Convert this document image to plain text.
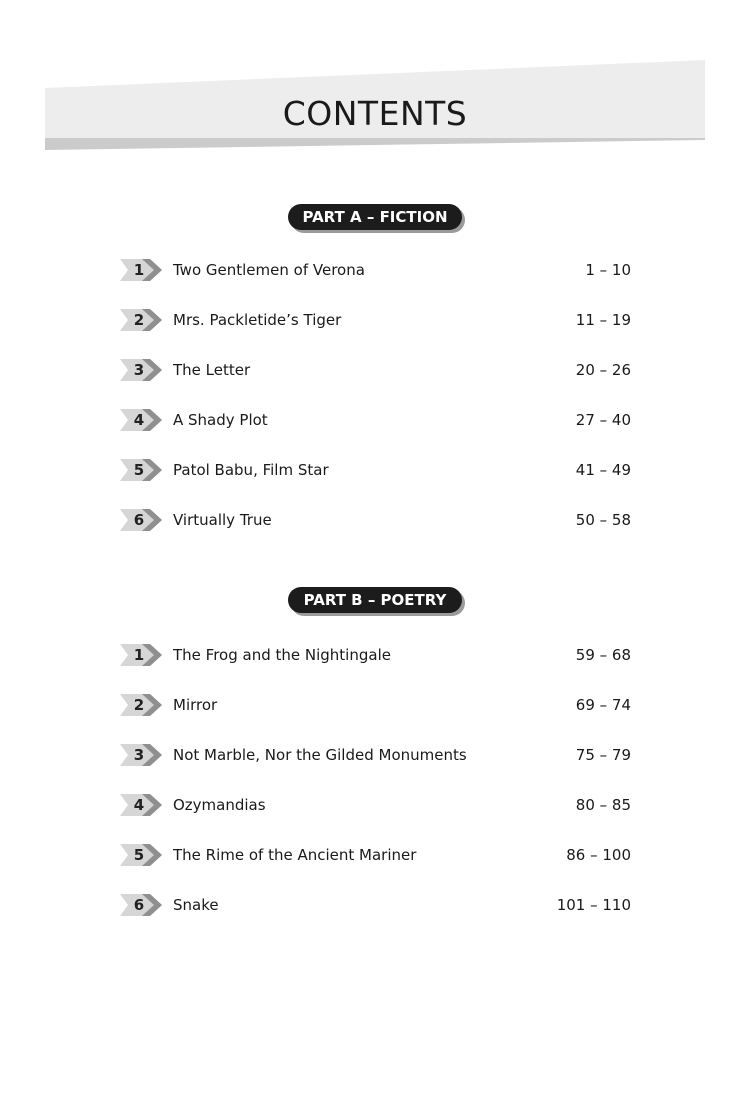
CONTENTS
PART A – FICTION
1	Two Gentlemen of Verona	1 – 10
2	Mrs. Packletide’s Tiger	11 – 19
3	The Letter	20 – 26
4	A Shady Plot	27 – 40
5	Patol Babu, Film Star	41 – 49
6	Virtually True	50 – 58
PART B – POETRY
1	The Frog and the Nightingale	59 – 68
2	Mirror	69 – 74
3	Not Marble, Nor the Gilded Monuments	75 – 79
4	Ozymandias	80 – 85
5	The Rime of the Ancient Mariner	86 – 100
6	Snake	101 – 110
